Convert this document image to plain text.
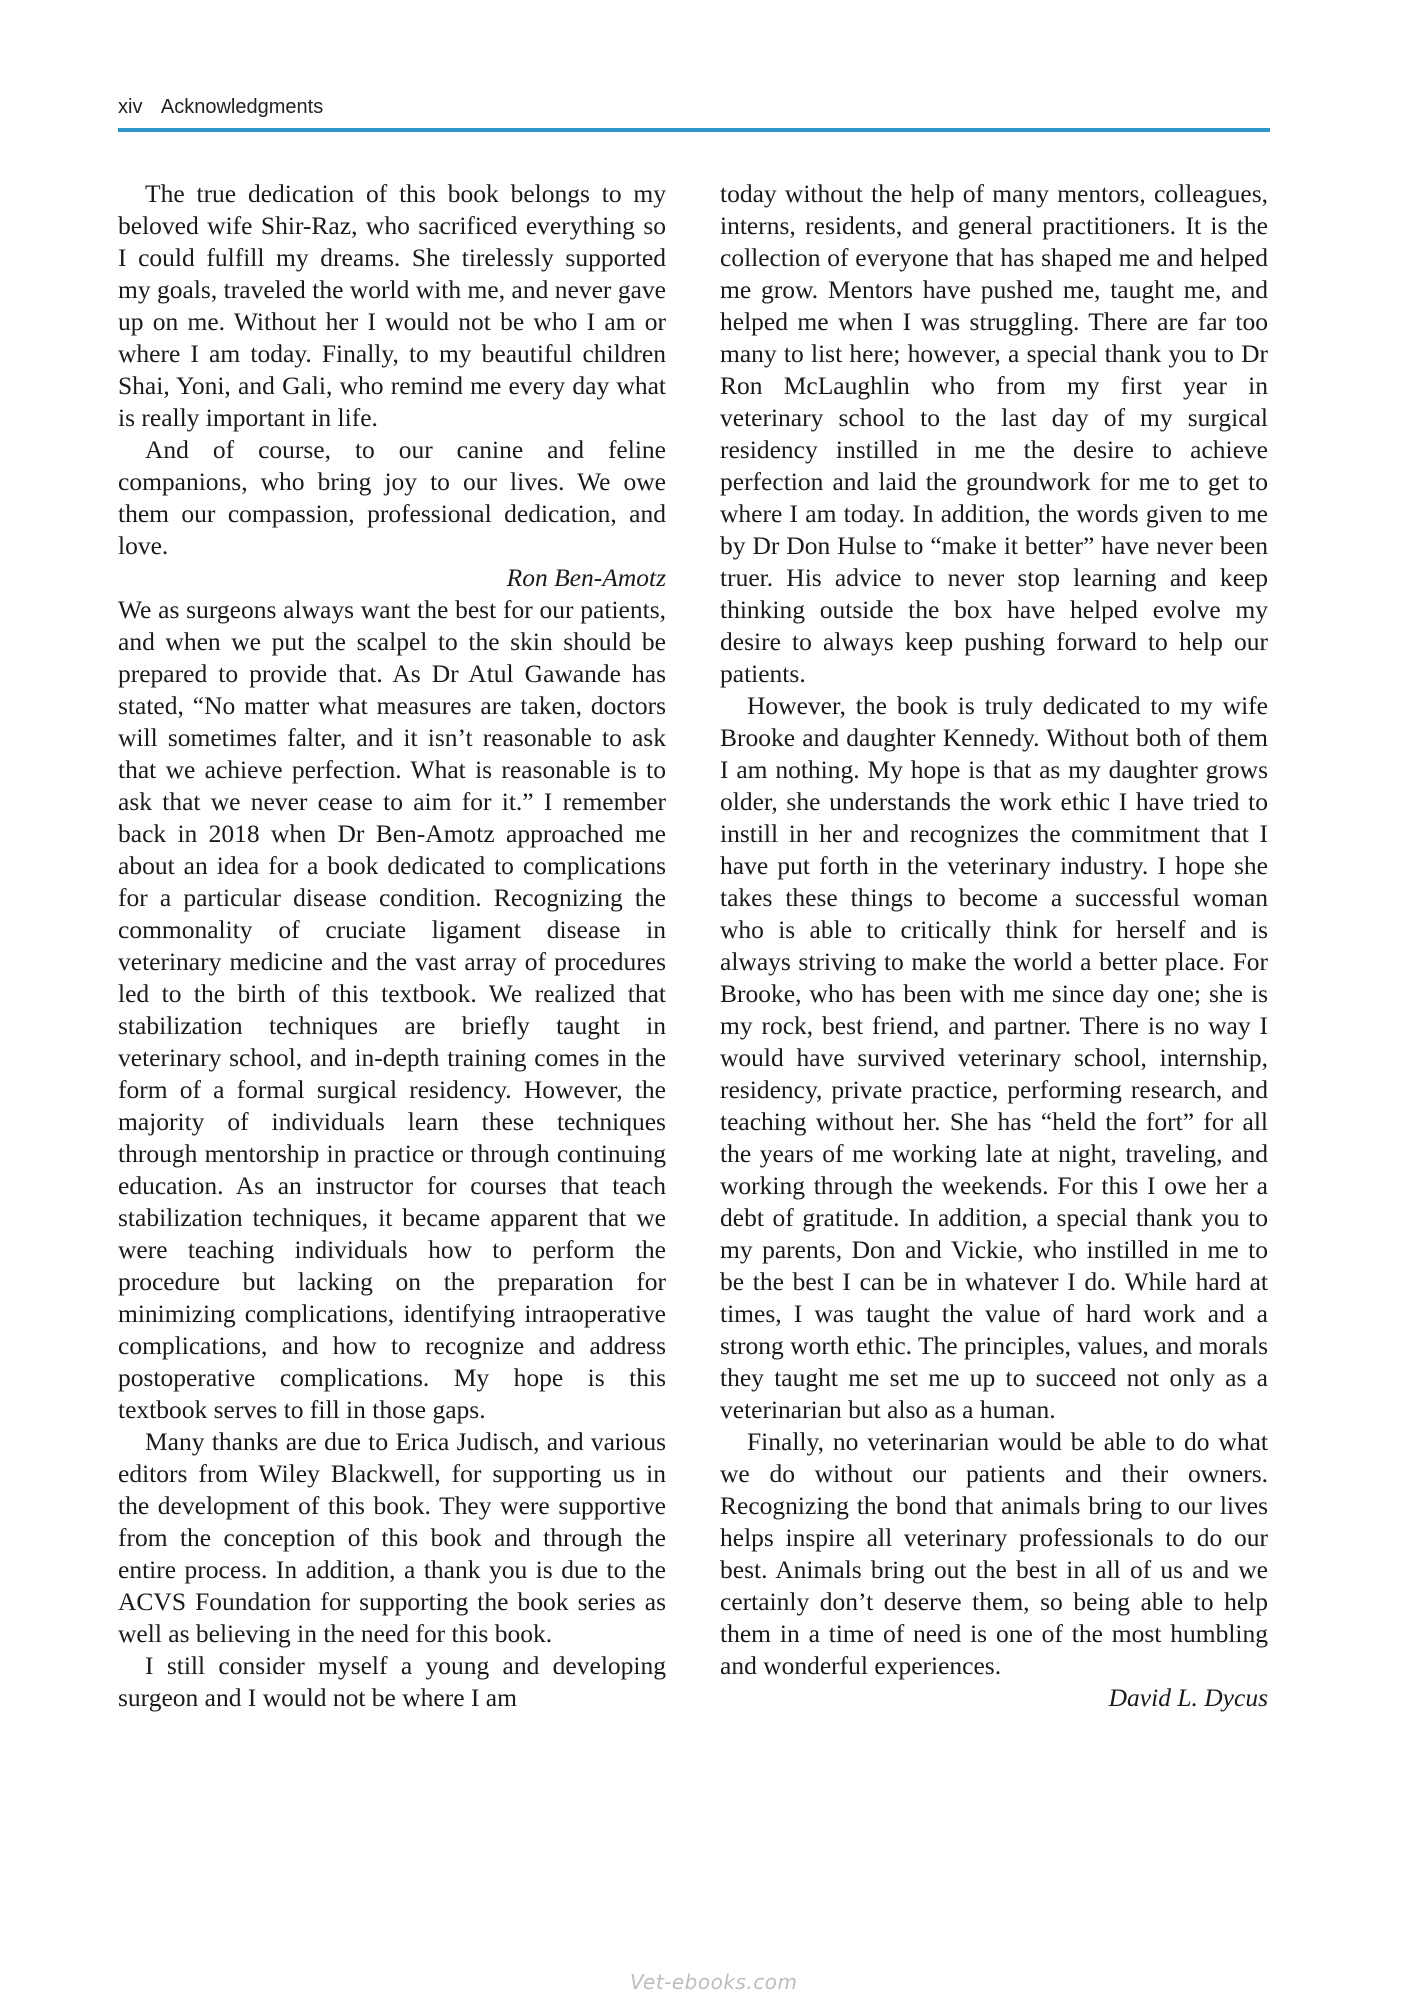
xiv Acknowledgments

The true dedication of this book belongs to my beloved wife Shir-Raz, who sacrificed everything so I could fulfill my dreams. She tirelessly supported my goals, traveled the world with me, and never gave up on me. Without her I would not be who I am or where I am today. Finally, to my beautiful children Shai, Yoni, and Gali, who remind me every day what is really important in life.

And of course, to our canine and feline companions, who bring joy to our lives. We owe them our compassion, professional dedication, and love.

Ron Ben-Amotz

We as surgeons always want the best for our patients, and when we put the scalpel to the skin should be prepared to provide that. As Dr Atul Gawande has stated, “No matter what measures are taken, doctors will sometimes falter, and it isn’t reasonable to ask that we achieve perfection. What is reasonable is to ask that we never cease to aim for it.” I remember back in 2018 when Dr Ben-Amotz approached me about an idea for a book dedicated to complications for a particular disease condition. Recognizing the commonality of cruciate ligament disease in veterinary medicine and the vast array of procedures led to the birth of this textbook. We realized that stabilization techniques are briefly taught in veterinary school, and in-depth training comes in the form of a formal surgical residency. However, the majority of individuals learn these techniques through mentorship in practice or through continuing education. As an instructor for courses that teach stabilization techniques, it became apparent that we were teaching individuals how to perform the procedure but lacking on the preparation for minimizing complications, identifying intraoperative complications, and how to recognize and address postoperative complications. My hope is this textbook serves to fill in those gaps.

Many thanks are due to Erica Judisch, and various editors from Wiley Blackwell, for supporting us in the development of this book. They were supportive from the conception of this book and through the entire process. In addition, a thank you is due to the ACVS Foundation for supporting the book series as well as believing in the need for this book.

I still consider myself a young and developing surgeon and I would not be where I am

today without the help of many mentors, colleagues, interns, residents, and general practitioners. It is the collection of everyone that has shaped me and helped me grow. Mentors have pushed me, taught me, and helped me when I was struggling. There are far too many to list here; however, a special thank you to Dr Ron McLaughlin who from my first year in veterinary school to the last day of my surgical residency instilled in me the desire to achieve perfection and laid the groundwork for me to get to where I am today. In addition, the words given to me by Dr Don Hulse to “make it better” have never been truer. His advice to never stop learning and keep thinking outside the box have helped evolve my desire to always keep pushing forward to help our patients.

However, the book is truly dedicated to my wife Brooke and daughter Kennedy. Without both of them I am nothing. My hope is that as my daughter grows older, she understands the work ethic I have tried to instill in her and recognizes the commitment that I have put forth in the veterinary industry. I hope she takes these things to become a successful woman who is able to critically think for herself and is always striving to make the world a better place. For Brooke, who has been with me since day one; she is my rock, best friend, and partner. There is no way I would have survived veterinary school, internship, residency, private practice, performing research, and teaching without her. She has “held the fort” for all the years of me working late at night, traveling, and working through the weekends. For this I owe her a debt of gratitude. In addition, a special thank you to my parents, Don and Vickie, who instilled in me to be the best I can be in whatever I do. While hard at times, I was taught the value of hard work and a strong worth ethic. The principles, values, and morals they taught me set me up to succeed not only as a veterinarian but also as a human.

Finally, no veterinarian would be able to do what we do without our patients and their owners. Recognizing the bond that animals bring to our lives helps inspire all veterinary professionals to do our best. Animals bring out the best in all of us and we certainly don’t deserve them, so being able to help them in a time of need is one of the most humbling and wonderful experiences.

David L. Dycus

Vet-ebooks.com
